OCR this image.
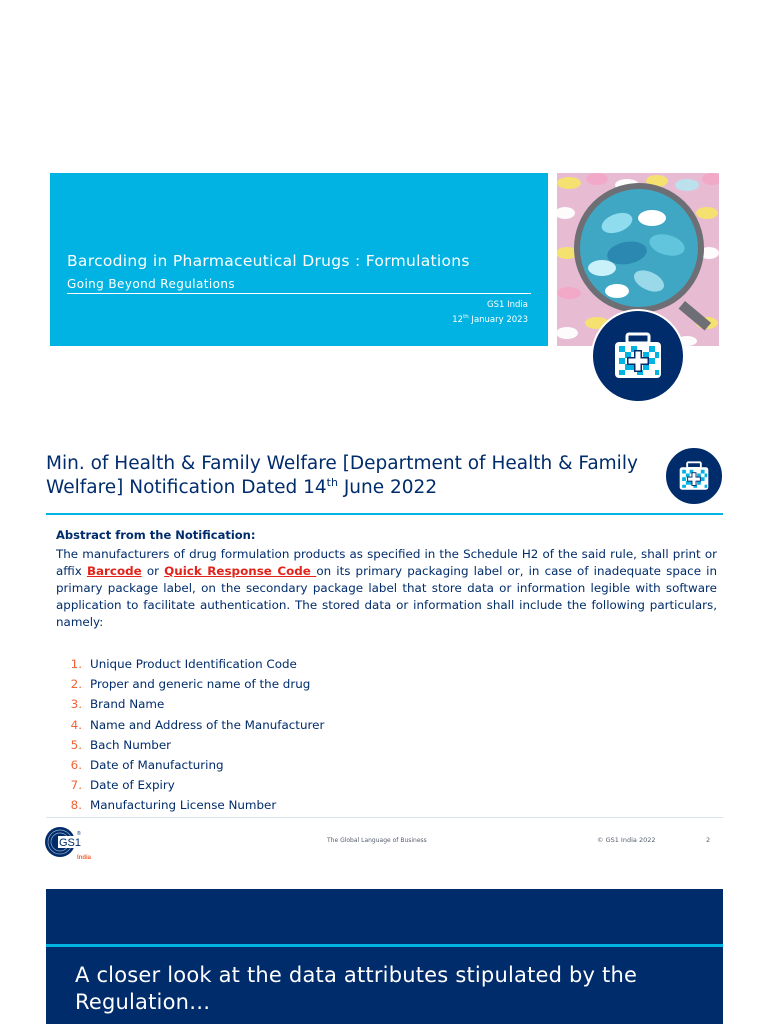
Barcoding in Pharmaceutical Drugs : Formulations
Going Beyond Regulations
GS1 India
12th January 2023
Min. of Health & Family Welfare [Department of Health & Family Welfare] Notification Dated 14th June 2022
Abstract from the Notification:

The manufacturers of drug formulation products as specified in the Schedule H2 of the said rule, shall print or affix Barcode or Quick Response Code on its primary packaging label or, in case of inadequate space in primary package label, on the secondary package label that store data or information legible with software application to facilitate authentication. The stored data or information shall include the following particulars, namely:

1. Unique Product Identification Code
2. Proper and generic name of the drug
3. Brand Name
4. Name and Address of the Manufacturer
5. Bach Number
6. Date of Manufacturing
7. Date of Expiry
8. Manufacturing License Number
GS1
®
India
The Global Language of Business	© GS1 India 2022	2
A closer look at the data attributes stipulated by the Regulation…
